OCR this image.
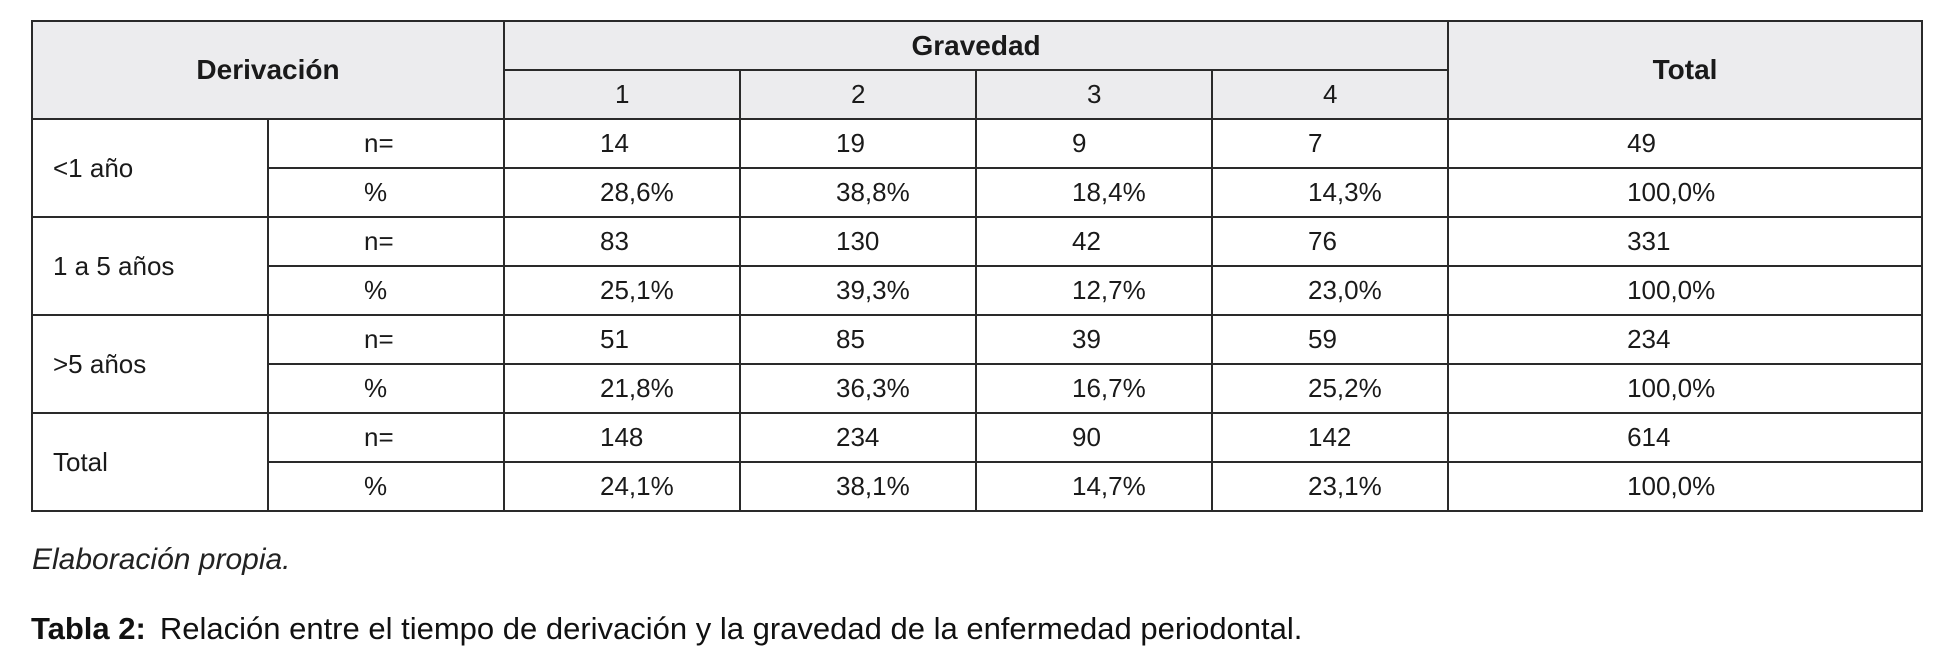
Derivación		Gravedad				Total
		1	2	3	4	
<1 año	n=	14	19	9	7	49
	%	28,6%	38,8%	18,4%	14,3%	100,0%
1 a 5 años	n=	83	130	42	76	331
	%	25,1%	39,3%	12,7%	23,0%	100,0%
>5 años	n=	51	85	39	59	234
	%	21,8%	36,3%	16,7%	25,2%	100,0%
Total	n=	148	234	90	142	614
	%	24,1%	38,1%	14,7%	23,1%	100,0%
Elaboración propia.
Tabla 2: Relación entre el tiempo de derivación y la gravedad de la enfermedad periodontal.
